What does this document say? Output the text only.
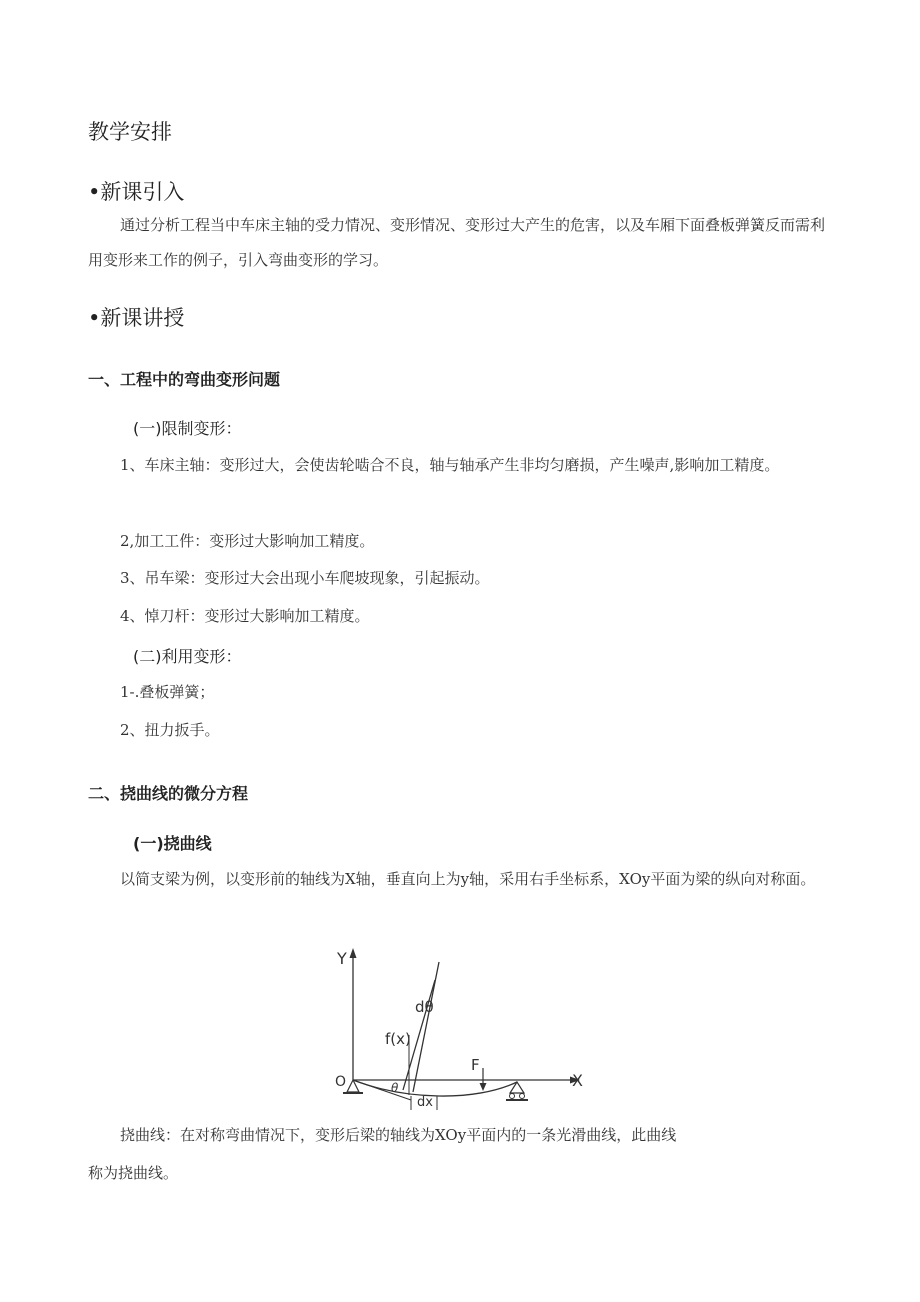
教学安排
•新课引入
通过分析工程当中车床主轴的受力情况、变形情况、变形过大产生的危害，以及车厢下面叠板弹簧反而需利用变形来工作的例子，引入弯曲变形的学习。
•新课讲授
一、工程中的弯曲变形问题
(一)限制变形：
1、车床主轴：变形过大，会使齿轮啮合不良，轴与轴承产生非均匀磨损，产生噪声,影响加工精度。
2,加工工件：变形过大影响加工精度。
3、吊车梁：变形过大会出现小车爬坡现象，引起振动。
4、悼刀杆：变形过大影响加工精度。
(二)利用变形：
1-.叠板弹簧；
2、扭力扳手。
二、挠曲线的微分方程
(一)挠曲线
以简支梁为例，以变形前的轴线为X轴，垂直向上为y轴，采用右手坐标系，XOy平面为梁的纵向对称面。
Y
X
O
dθ
f(x)
θ
dx
F
挠曲线：在对称弯曲情况下，变形后梁的轴线为XOy平面内的一条光滑曲线，此曲线
称为挠曲线。
